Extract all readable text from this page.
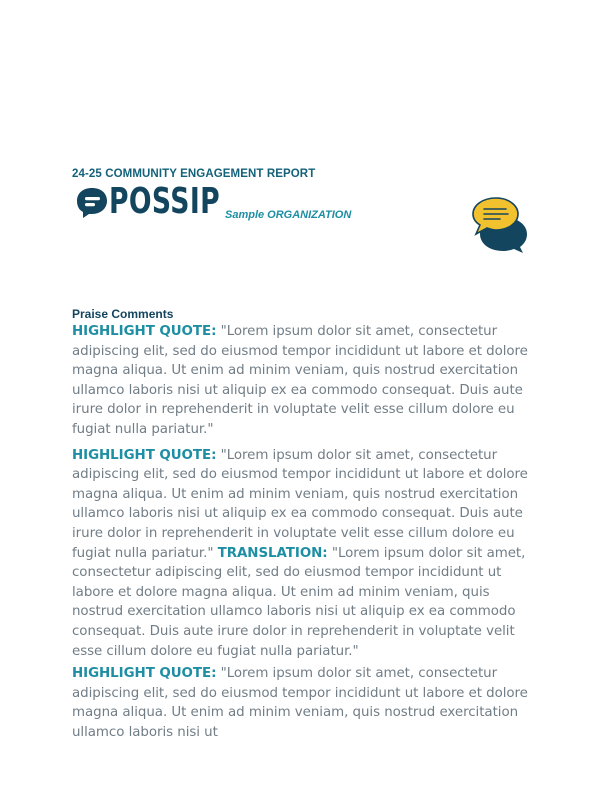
24-25 COMMUNITY ENGAGEMENT REPORT
POSSIP Sample ORGANIZATION
Praise Comments

HIGHLIGHT QUOTE: "Lorem ipsum dolor sit amet, consectetur adipiscing elit, sed do eiusmod tempor incididunt ut labore et dolore magna aliqua. Ut enim ad minim veniam, quis nostrud exercitation ullamco laboris nisi ut aliquip ex ea commodo consequat. Duis aute irure dolor in reprehenderit in voluptate velit esse cillum dolore eu fugiat nulla pariatur."

HIGHLIGHT QUOTE: "Lorem ipsum dolor sit amet, consectetur adipiscing elit, sed do eiusmod tempor incididunt ut labore et dolore magna aliqua. Ut enim ad minim veniam, quis nostrud exercitation ullamco laboris nisi ut aliquip ex ea commodo consequat. Duis aute irure dolor in reprehenderit in voluptate velit esse cillum dolore eu fugiat nulla pariatur." TRANSLATION: "Lorem ipsum dolor sit amet, consectetur adipiscing elit, sed do eiusmod tempor incididunt ut labore et dolore magna aliqua. Ut enim ad minim veniam, quis nostrud exercitation ullamco laboris nisi ut aliquip ex ea commodo consequat. Duis aute irure dolor in reprehenderit in voluptate velit esse cillum dolore eu fugiat nulla pariatur."

HIGHLIGHT QUOTE: "Lorem ipsum dolor sit amet, consectetur adipiscing elit, sed do eiusmod tempor incididunt ut labore et dolore magna aliqua. Ut enim ad minim veniam, quis nostrud exercitation ullamco laboris nisi ut
